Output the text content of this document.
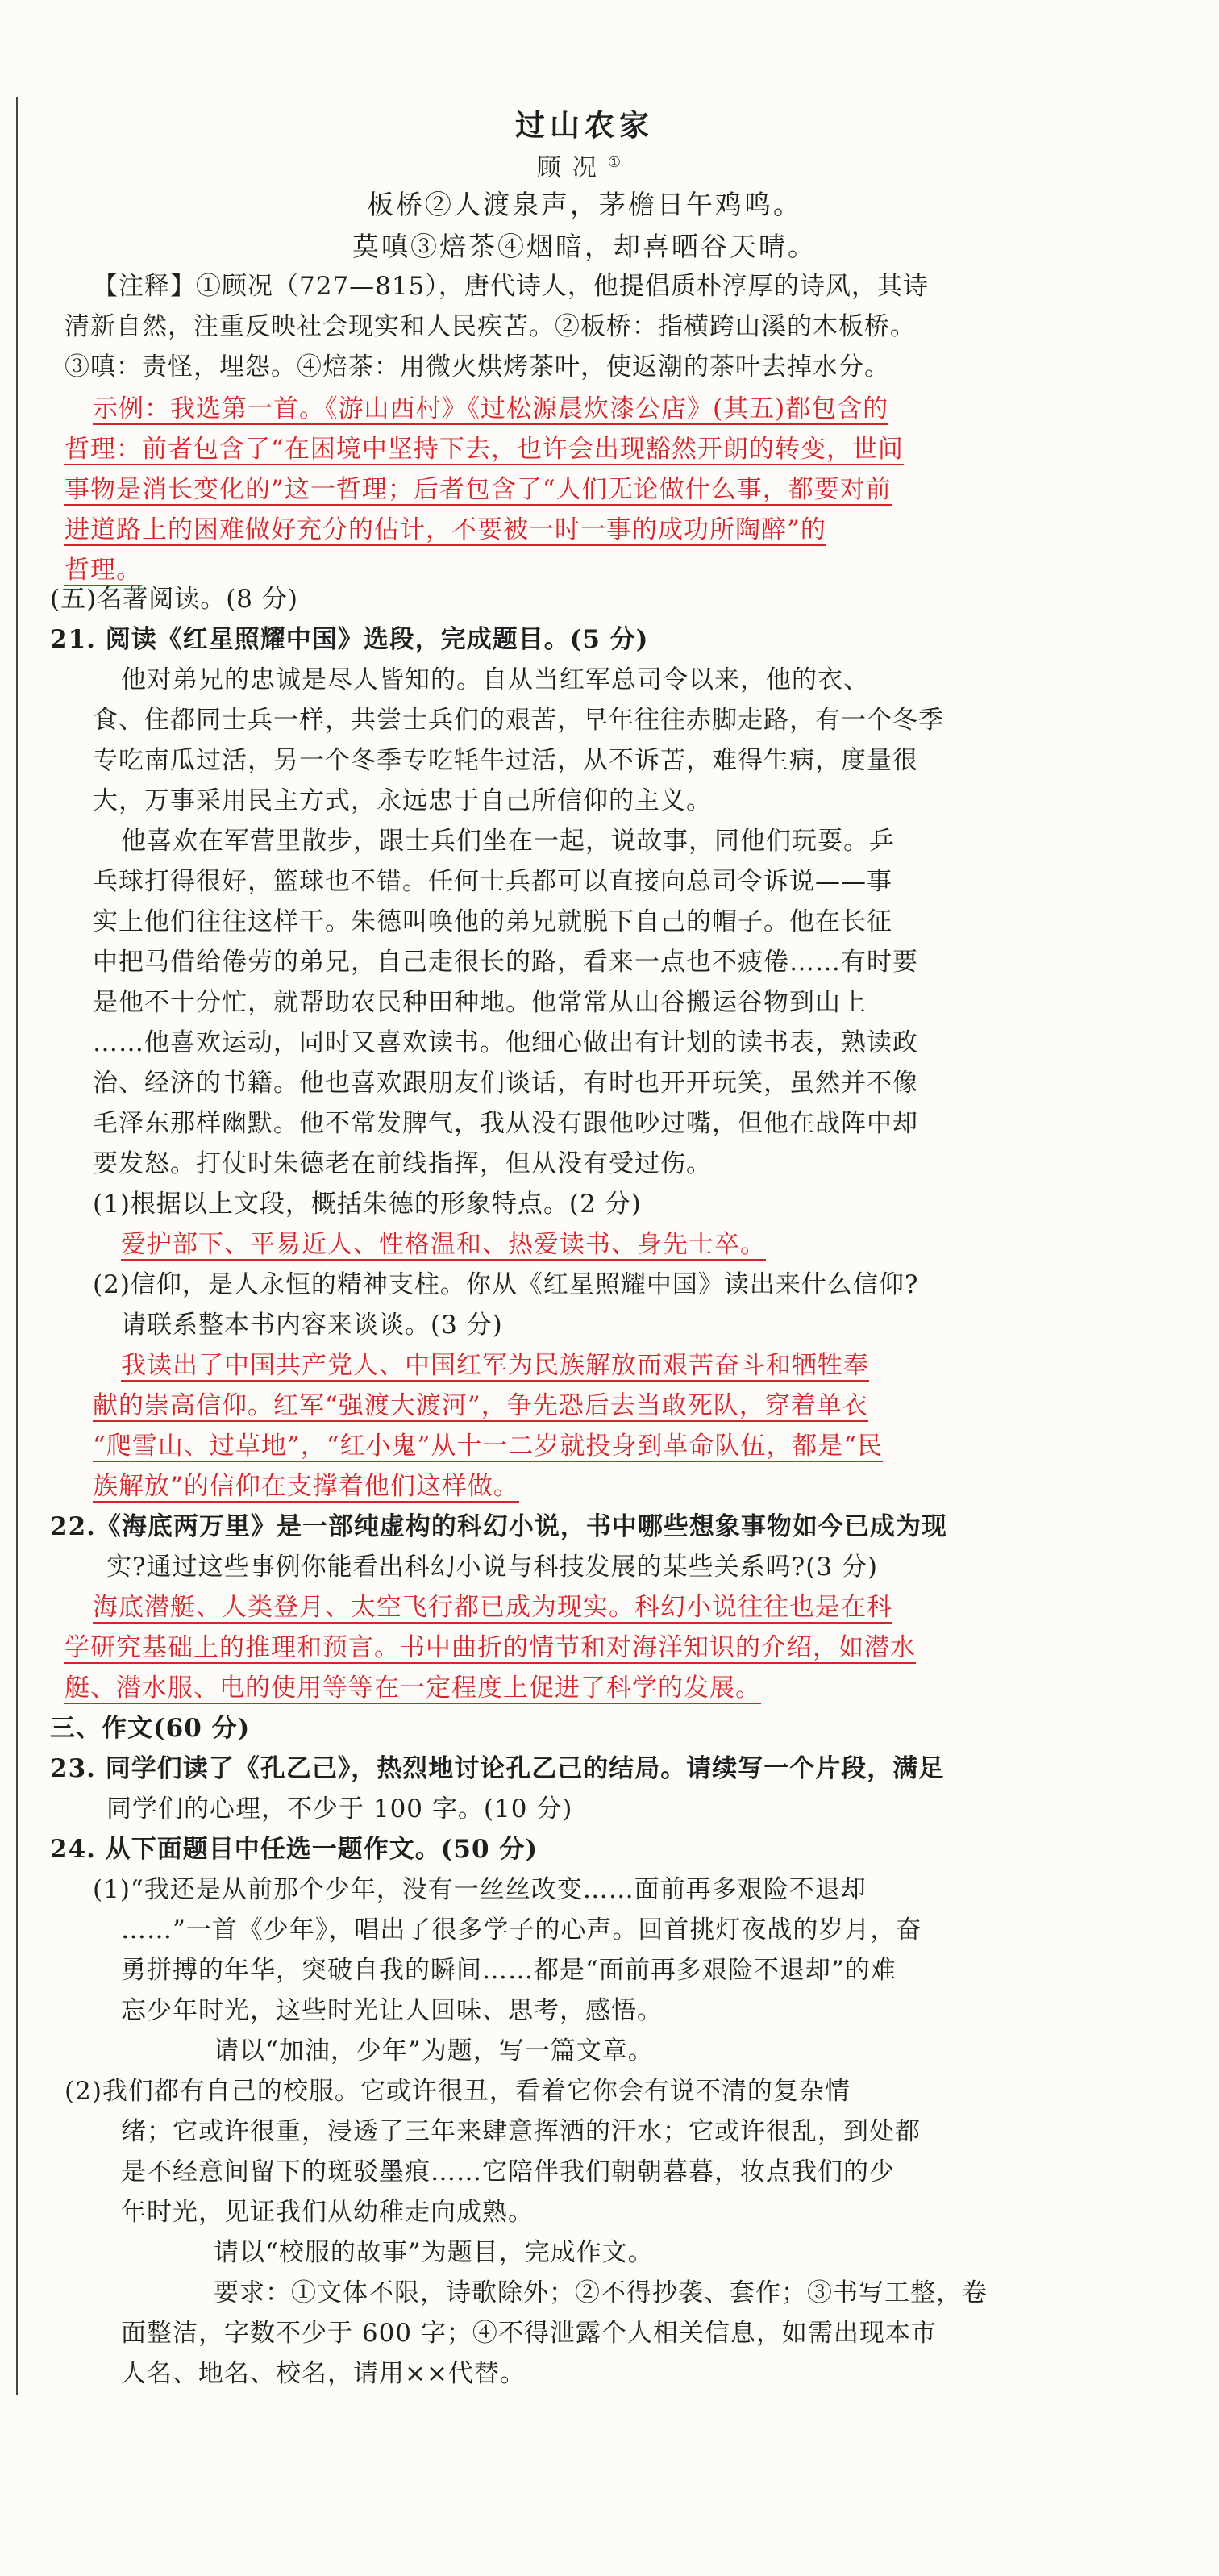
过山农家
顾况①
板桥②人渡泉声，茅檐日午鸡鸣。
莫嗔③焙茶④烟暗，却喜晒谷天晴。
【注释】①顾况（727—815），唐代诗人，他提倡质朴淳厚的诗风，其诗
清新自然，注重反映社会现实和人民疾苦。②板桥：指横跨山溪的木板桥。
③嗔：责怪，埋怨。④焙茶：用微火烘烤茶叶，使返潮的茶叶去掉水分。
示例：我选第一首。《游山西村》《过松源晨炊漆公店》(其五)都包含的
哲理：前者包含了“在困境中坚持下去，也许会出现豁然开朗的转变，世间
事物是消长变化的”这一哲理；后者包含了“人们无论做什么事，都要对前
进道路上的困难做好充分的估计，不要被一时一事的成功所陶醉”的
哲理。
(五)名著阅读。(8 分)
21. 阅读《红星照耀中国》选段，完成题目。(5 分)
他对弟兄的忠诚是尽人皆知的。自从当红军总司令以来，他的衣、
食、住都同士兵一样，共尝士兵们的艰苦，早年往往赤脚走路，有一个冬季
专吃南瓜过活，另一个冬季专吃牦牛过活，从不诉苦，难得生病，度量很
大，万事采用民主方式，永远忠于自己所信仰的主义。
他喜欢在军营里散步，跟士兵们坐在一起，说故事，同他们玩耍。乒
乓球打得很好，篮球也不错。任何士兵都可以直接向总司令诉说——事
实上他们往往这样干。朱德叫唤他的弟兄就脱下自己的帽子。他在长征
中把马借给倦劳的弟兄，自己走很长的路，看来一点也不疲倦……有时要
是他不十分忙，就帮助农民种田种地。他常常从山谷搬运谷物到山上
……他喜欢运动，同时又喜欢读书。他细心做出有计划的读书表，熟读政
治、经济的书籍。他也喜欢跟朋友们谈话，有时也开开玩笑，虽然并不像
毛泽东那样幽默。他不常发脾气，我从没有跟他吵过嘴，但他在战阵中却
要发怒。打仗时朱德老在前线指挥，但从没有受过伤。
(1)根据以上文段，概括朱德的形象特点。(2 分)
爱护部下、平易近人、性格温和、热爱读书、身先士卒。
(2)信仰，是人永恒的精神支柱。你从《红星照耀中国》读出来什么信仰?
请联系整本书内容来谈谈。(3 分)
我读出了中国共产党人、中国红军为民族解放而艰苦奋斗和牺牲奉
献的崇高信仰。红军“强渡大渡河”，争先恐后去当敢死队，穿着单衣
“爬雪山、过草地”，“红小鬼”从十一二岁就投身到革命队伍，都是“民
族解放”的信仰在支撑着他们这样做。
22.《海底两万里》是一部纯虚构的科幻小说，书中哪些想象事物如今已成为现
实?通过这些事例你能看出科幻小说与科技发展的某些关系吗?(3 分)
海底潜艇、人类登月、太空飞行都已成为现实。科幻小说往往也是在科
学研究基础上的推理和预言。书中曲折的情节和对海洋知识的介绍，如潜水
艇、潜水服、电的使用等等在一定程度上促进了科学的发展。
三、作文(60 分)
23. 同学们读了《孔乙己》，热烈地讨论孔乙己的结局。请续写一个片段，满足
同学们的心理，不少于 100 字。(10 分)
24. 从下面题目中任选一题作文。(50 分)
(1)“我还是从前那个少年，没有一丝丝改变……面前再多艰险不退却
……”一首《少年》，唱出了很多学子的心声。回首挑灯夜战的岁月，奋
勇拼搏的年华，突破自我的瞬间……都是“面前再多艰险不退却”的难
忘少年时光，这些时光让人回味、思考，感悟。
请以“加油，少年”为题，写一篇文章。
(2)我们都有自己的校服。它或许很丑，看着它你会有说不清的复杂情
绪；它或许很重，浸透了三年来肆意挥洒的汗水；它或许很乱，到处都
是不经意间留下的斑驳墨痕……它陪伴我们朝朝暮暮，妆点我们的少
年时光，见证我们从幼稚走向成熟。
请以“校服的故事”为题目，完成作文。
要求：①文体不限，诗歌除外；②不得抄袭、套作；③书写工整，卷
面整洁，字数不少于 600 字；④不得泄露个人相关信息，如需出现本市
人名、地名、校名，请用××代替。
